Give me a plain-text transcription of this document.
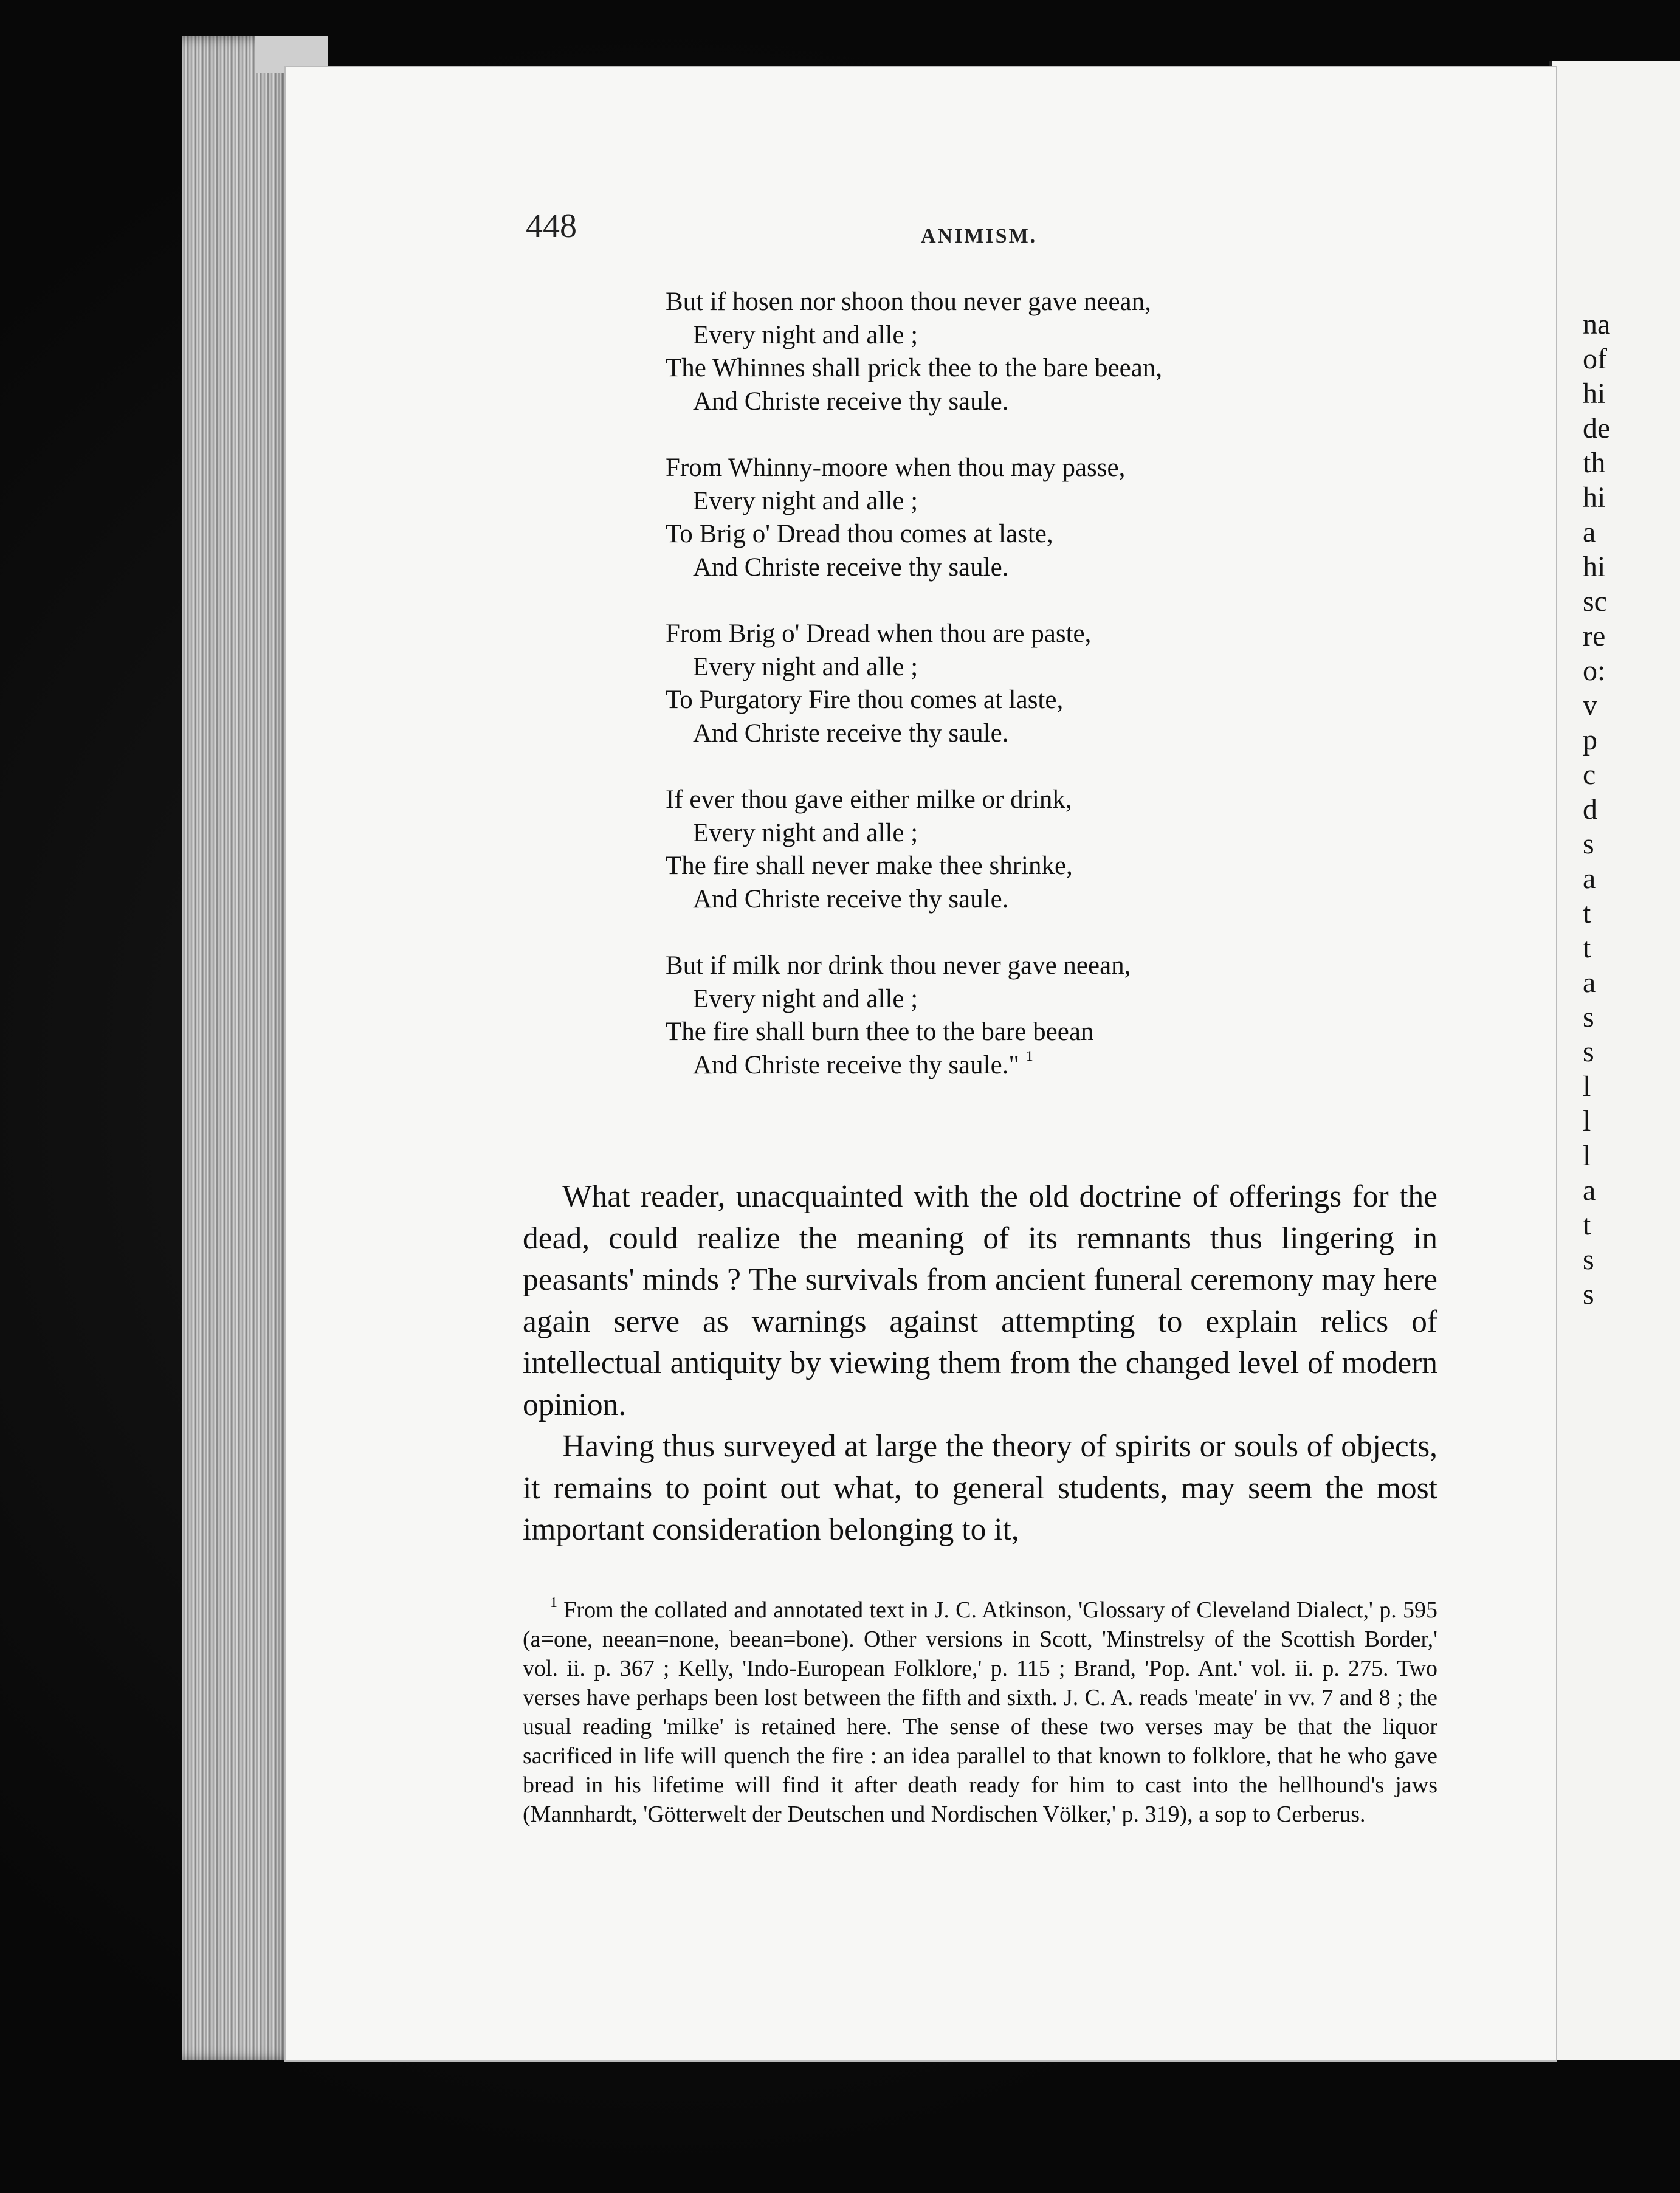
na
of
hi
de
th
hi
a
hi
sc
re
o:
v
p
c
d
s
a
t
t
a
s
s
l
l
l
a
t
s
s
448	ANIMISM.
But if hosen nor shoon thou never gave neean,
Every night and alle ;
The Whinnes shall prick thee to the bare beean,
And Christe receive thy saule.
From Whinny-moore when thou may passe,
Every night and alle ;
To Brig o' Dread thou comes at laste,
And Christe receive thy saule.
From Brig o' Dread when thou are paste,
Every night and alle ;
To Purgatory Fire thou comes at laste,
And Christe receive thy saule.
If ever thou gave either milke or drink,
Every night and alle ;
The fire shall never make thee shrinke,
And Christe receive thy saule.
But if milk nor drink thou never gave neean,
Every night and alle ;
The fire shall burn thee to the bare beean
And Christe receive thy saule." $^1$

What reader, unacquainted with the old doctrine of offerings for the dead, could realize the meaning of its remnants thus lingering in peasants' minds ? The survivals from ancient funeral ceremony may here again serve as warnings against attempting to explain relics of intellectual antiquity by viewing them from the changed level of modern opinion.

Having thus surveyed at large the theory of spirits or souls of objects, it remains to point out what, to general students, may seem the most important consideration belonging to it,

$^1$ From the collated and annotated text in J. C. Atkinson, 'Glossary of Cleveland Dialect,' p. 595 (a=one, neean=none, beean=bone). Other versions in Scott, 'Minstrelsy of the Scottish Border,' vol. ii. p. 367 ; Kelly, 'Indo-European Folklore,' p. 115 ; Brand, 'Pop. Ant.' vol. ii. p. 275. Two verses have perhaps been lost between the fifth and sixth. J. C. A. reads 'meate' in vv. 7 and 8 ; the usual reading 'milke' is retained here. The sense of these two verses may be that the liquor sacrificed in life will quench the fire : an idea parallel to that known to folklore, that he who gave bread in his lifetime will find it after death ready for him to cast into the hellhound's jaws (Mannhardt, 'Götterwelt der Deutschen und Nordischen Völker,' p. 319), a sop to Cerberus.
